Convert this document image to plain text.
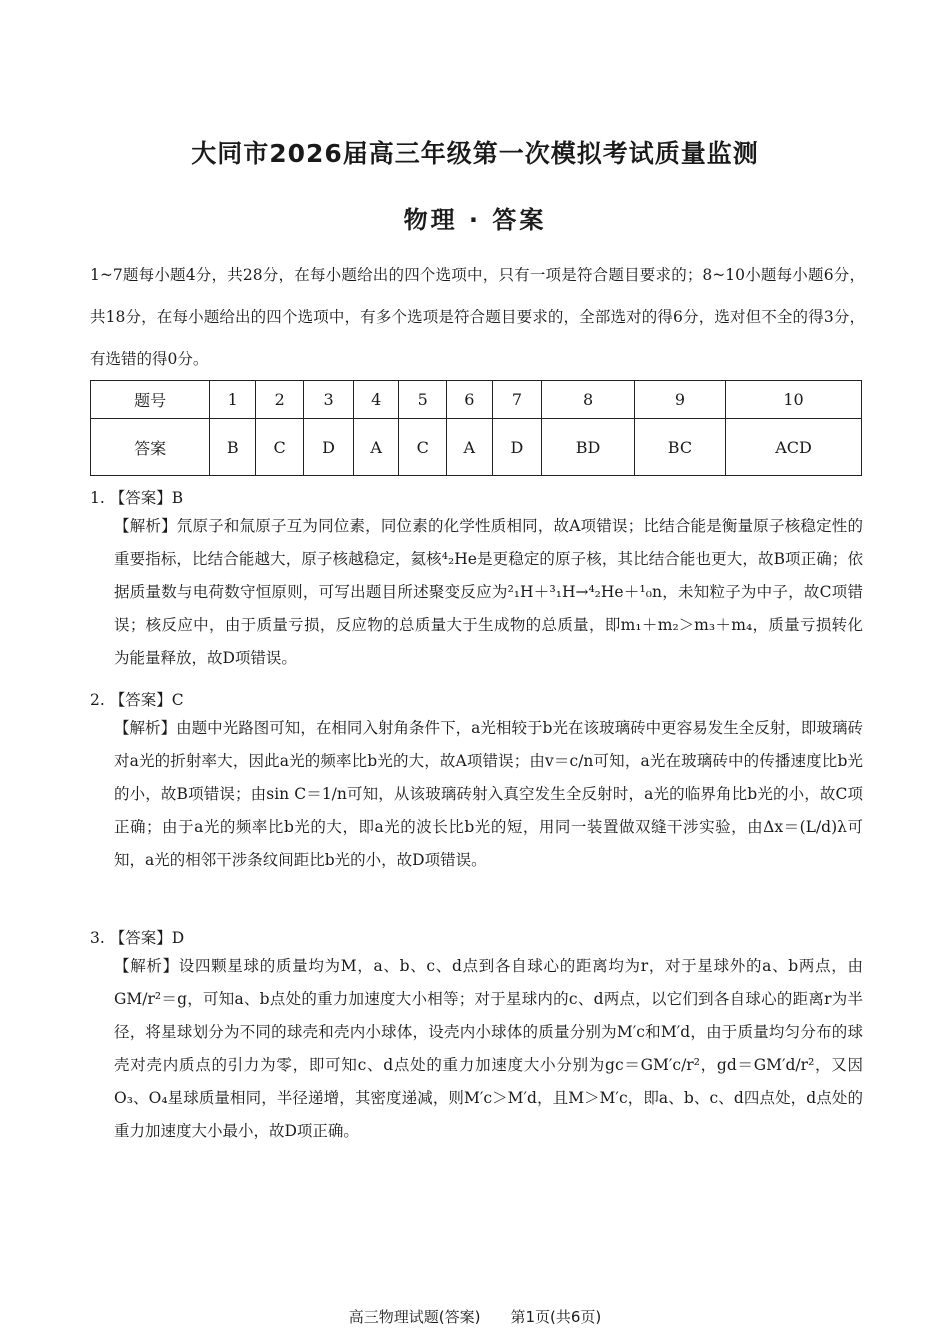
大同市2026届高三年级第一次模拟考试质量监测
物理 · 答案
1~7题每小题4分，共28分，在每小题给出的四个选项中，只有一项是符合题目要求的；8~10小题每小题6分，共18分，在每小题给出的四个选项中，有多个选项是符合题目要求的，全部选对的得6分，选对但不全的得3分，有选错的得0分。
题号	1	2	3	4	5	6	7	8	9	10
答案	B	C	D	A	C	A	D	BD	BC	ACD
1. 【答案】B
【解析】氘原子和氚原子互为同位素，同位素的化学性质相同，故A项错误；比结合能是衡量原子核稳定性的重要指标，比结合能越大，原子核越稳定，氦核⁴₂He是更稳定的原子核，其比结合能也更大，故B项正确；依据质量数与电荷数守恒原则，可写出题目所述聚变反应为²₁H＋³₁H→⁴₂He＋¹₀n，未知粒子为中子，故C项错误；核反应中，由于质量亏损，反应物的总质量大于生成物的总质量，即m₁＋m₂＞m₃＋m₄，质量亏损转化为能量释放，故D项错误。
2. 【答案】C
【解析】由题中光路图可知，在相同入射角条件下，a光相较于b光在该玻璃砖中更容易发生全反射，即玻璃砖对a光的折射率大，因此a光的频率比b光的大，故A项错误；由v＝c/n可知，a光在玻璃砖中的传播速度比b光的小，故B项错误；由sin C＝1/n可知，从该玻璃砖射入真空发生全反射时，a光的临界角比b光的小，故C项正确；由于a光的频率比b光的大，即a光的波长比b光的短，用同一装置做双缝干涉实验，由Δx＝(L/d)λ可知，a光的相邻干涉条纹间距比b光的小，故D项错误。
3. 【答案】D
【解析】设四颗星球的质量均为M，a、b、c、d点到各自球心的距离均为r，对于星球外的a、b两点，由GM/r²＝g，可知a、b点处的重力加速度大小相等；对于星球内的c、d两点，以它们到各自球心的距离r为半径，将星球划分为不同的球壳和壳内小球体，设壳内小球体的质量分别为M′c和M′d，由于质量均匀分布的球壳对壳内质点的引力为零，即可知c、d点处的重力加速度大小分别为gc＝GM′c/r²，gd＝GM′d/r²，又因O₃、O₄星球质量相同，半径递增，其密度递减，则M′c＞M′d，且M＞M′c，即a、b、c、d四点处，d点处的重力加速度大小最小，故D项正确。
高三物理试题(答案)　　第1页(共6页)
